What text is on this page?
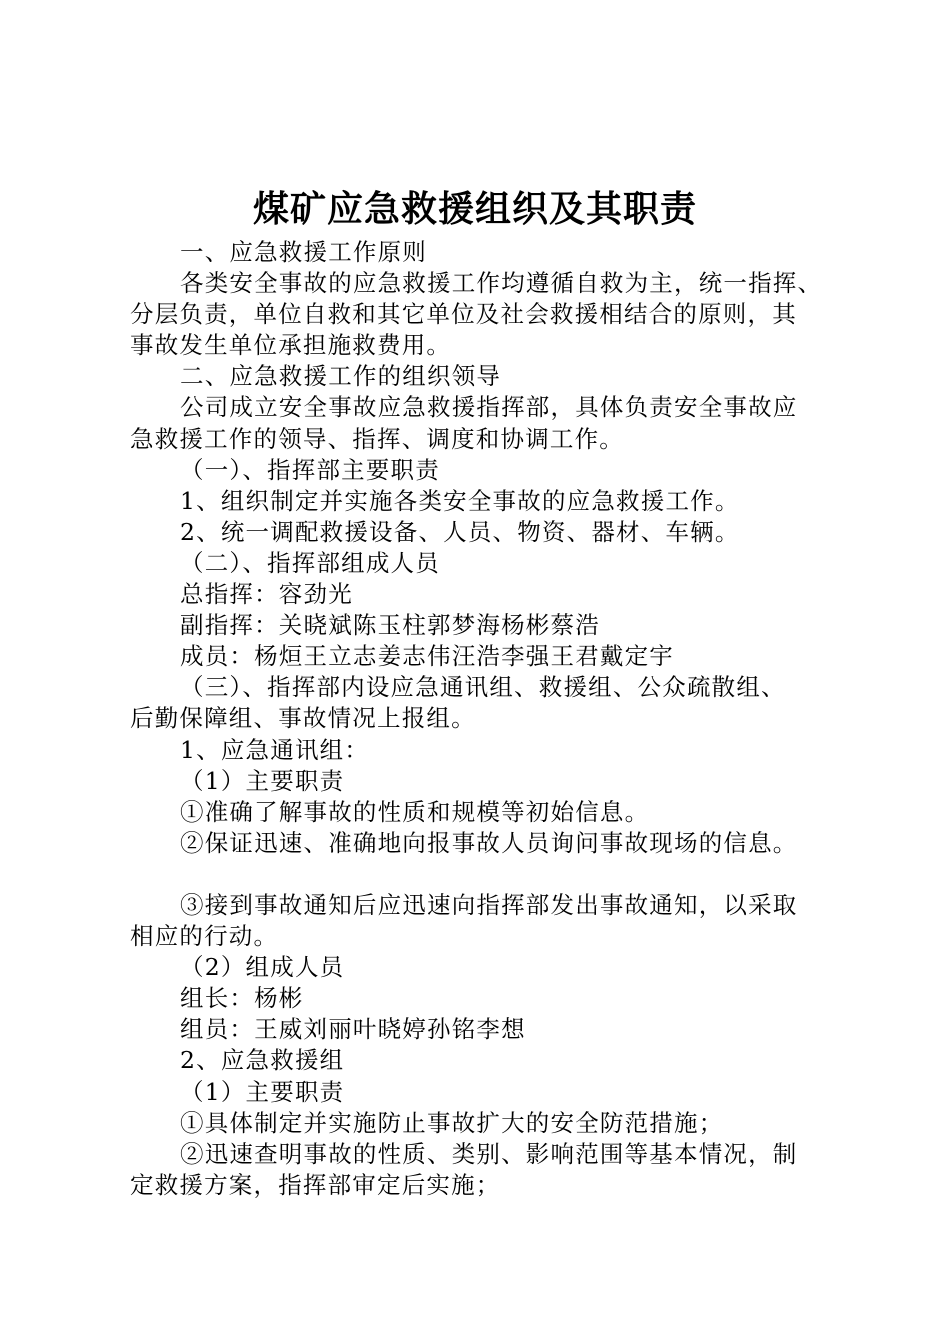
煤矿应急救援组织及其职责
一、应急救援工作原则
各类安全事故的应急救援工作均遵循自救为主，统一指挥、
分层负责，单位自救和其它单位及社会救援相结合的原则，其
事故发生单位承担施救费用。
二、应急救援工作的组织领导
公司成立安全事故应急救援指挥部，具体负责安全事故应
急救援工作的领导、指挥、调度和协调工作。
（一）、指挥部主要职责
1、组织制定并实施各类安全事故的应急救援工作。
2、统一调配救援设备、人员、物资、器材、车辆。
（二）、指挥部组成人员
总指挥：容劲光
副指挥：关晓斌陈玉柱郭梦海杨彬蔡浩
成员：杨烜王立志姜志伟汪浩李强王君戴定宇
（三）、指挥部内设应急通讯组、救援组、公众疏散组、
后勤保障组、事故情况上报组。
1、应急通讯组：
（1）主要职责
①准确了解事故的性质和规模等初始信息。
②保证迅速、准确地向报事故人员询问事故现场的信息。
③接到事故通知后应迅速向指挥部发出事故通知，以采取
相应的行动。
（2）组成人员
组长：杨彬
组员：王威刘丽叶晓婷孙铭李想
2、应急救援组
（1）主要职责
①具体制定并实施防止事故扩大的安全防范措施；
②迅速查明事故的性质、类别、影响范围等基本情况，制
定救援方案，指挥部审定后实施；
